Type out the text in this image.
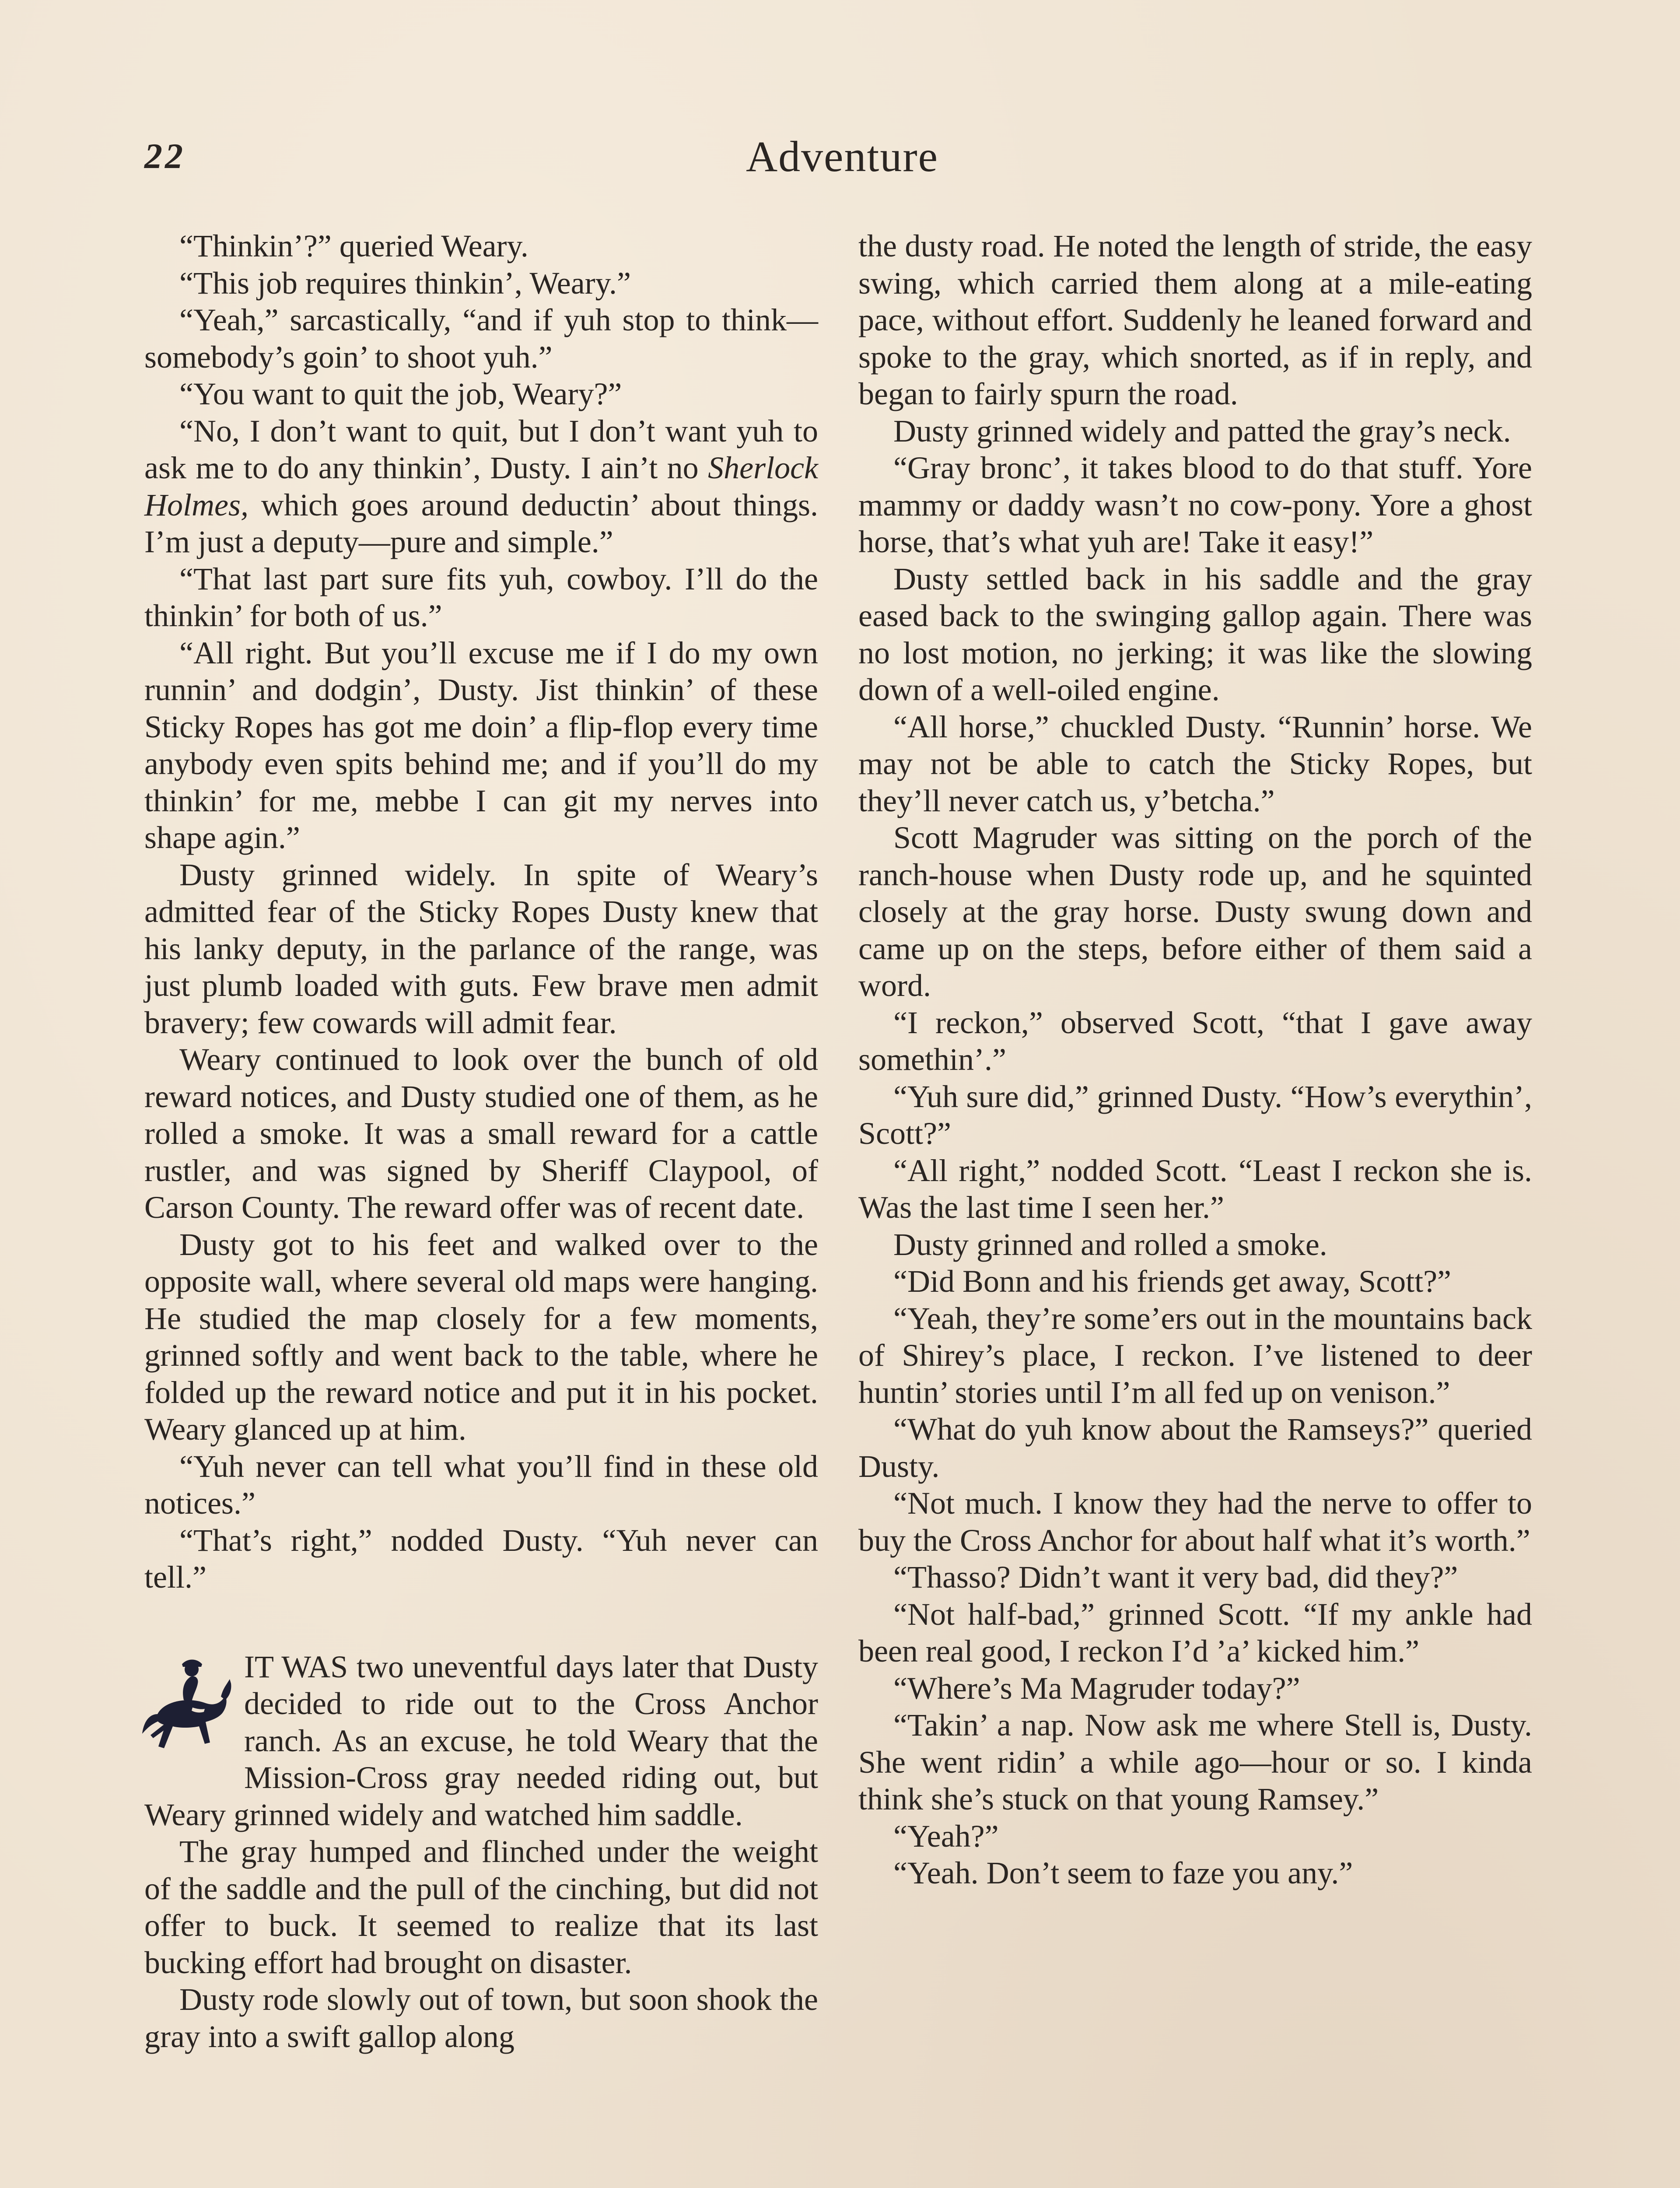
22	Adventure

“Thinkin’?” queried Weary.

“This job requires thinkin’, Weary.”

“Yeah,” sarcastically, “and if yuh stop to think—somebody’s goin’ to shoot yuh.”

“You want to quit the job, Weary?”

“No, I don’t want to quit, but I don’t want yuh to ask me to do any thinkin’, Dusty. I ain’t no Sherlock Holmes, which goes around deductin’ about things. I’m just a deputy—pure and simple.”

“That last part sure fits yuh, cowboy. I’ll do the thinkin’ for both of us.”

“All right. But you’ll excuse me if I do my own runnin’ and dodgin’, Dusty. Jist thinkin’ of these Sticky Ropes has got me doin’ a flip-flop every time anybody even spits behind me; and if you’ll do my thinkin’ for me, mebbe I can git my nerves into shape agin.”

Dusty grinned widely. In spite of Weary’s admitted fear of the Sticky Ropes Dusty knew that his lanky deputy, in the parlance of the range, was just plumb loaded with guts. Few brave men admit bravery; few cowards will admit fear.

Weary continued to look over the bunch of old reward notices, and Dusty studied one of them, as he rolled a smoke. It was a small reward for a cattle rustler, and was signed by Sheriff Claypool, of Carson County. The reward offer was of recent date.

Dusty got to his feet and walked over to the opposite wall, where several old maps were hanging. He studied the map closely for a few moments, grinned softly and went back to the table, where he folded up the reward notice and put it in his pocket. Weary glanced up at him.

“Yuh never can tell what you’ll find in these old notices.”

“That’s right,” nodded Dusty. “Yuh never can tell.”

IT WAS two uneventful days later that Dusty decided to ride out to the Cross Anchor ranch. As an excuse, he told Weary that the Mission-Cross gray needed riding out, but Weary grinned widely and watched him saddle.

The gray humped and flinched under the weight of the saddle and the pull of the cinching, but did not offer to buck. It seemed to realize that its last bucking effort had brought on disaster.

Dusty rode slowly out of town, but soon shook the gray into a swift gallop along

the dusty road. He noted the length of stride, the easy swing, which carried them along at a mile-eating pace, without effort. Suddenly he leaned forward and spoke to the gray, which snorted, as if in reply, and began to fairly spurn the road.

Dusty grinned widely and patted the gray’s neck.

“Gray bronc’, it takes blood to do that stuff. Yore mammy or daddy wasn’t no cow-pony. Yore a ghost horse, that’s what yuh are! Take it easy!”

Dusty settled back in his saddle and the gray eased back to the swinging gallop again. There was no lost motion, no jerking; it was like the slowing down of a well-oiled engine.

“All horse,” chuckled Dusty. “Runnin’ horse. We may not be able to catch the Sticky Ropes, but they’ll never catch us, y’betcha.”

Scott Magruder was sitting on the porch of the ranch-house when Dusty rode up, and he squinted closely at the gray horse. Dusty swung down and came up on the steps, before either of them said a word.

“I reckon,” observed Scott, “that I gave away somethin’.”

“Yuh sure did,” grinned Dusty. “How’s everythin’, Scott?”

“All right,” nodded Scott. “Least I reckon she is. Was the last time I seen her.”

Dusty grinned and rolled a smoke.

“Did Bonn and his friends get away, Scott?”

“Yeah, they’re some’ers out in the mountains back of Shirey’s place, I reckon. I’ve listened to deer huntin’ stories until I’m all fed up on venison.”

“What do yuh know about the Ramseys?” queried Dusty.

“Not much. I know they had the nerve to offer to buy the Cross Anchor for about half what it’s worth.”

“Thasso? Didn’t want it very bad, did they?”

“Not half-bad,” grinned Scott. “If my ankle had been real good, I reckon I’d ’a’ kicked him.”

“Where’s Ma Magruder today?”

“Takin’ a nap. Now ask me where Stell is, Dusty. She went ridin’ a while ago—hour or so. I kinda think she’s stuck on that young Ramsey.”

“Yeah?”

“Yeah. Don’t seem to faze you any.”
